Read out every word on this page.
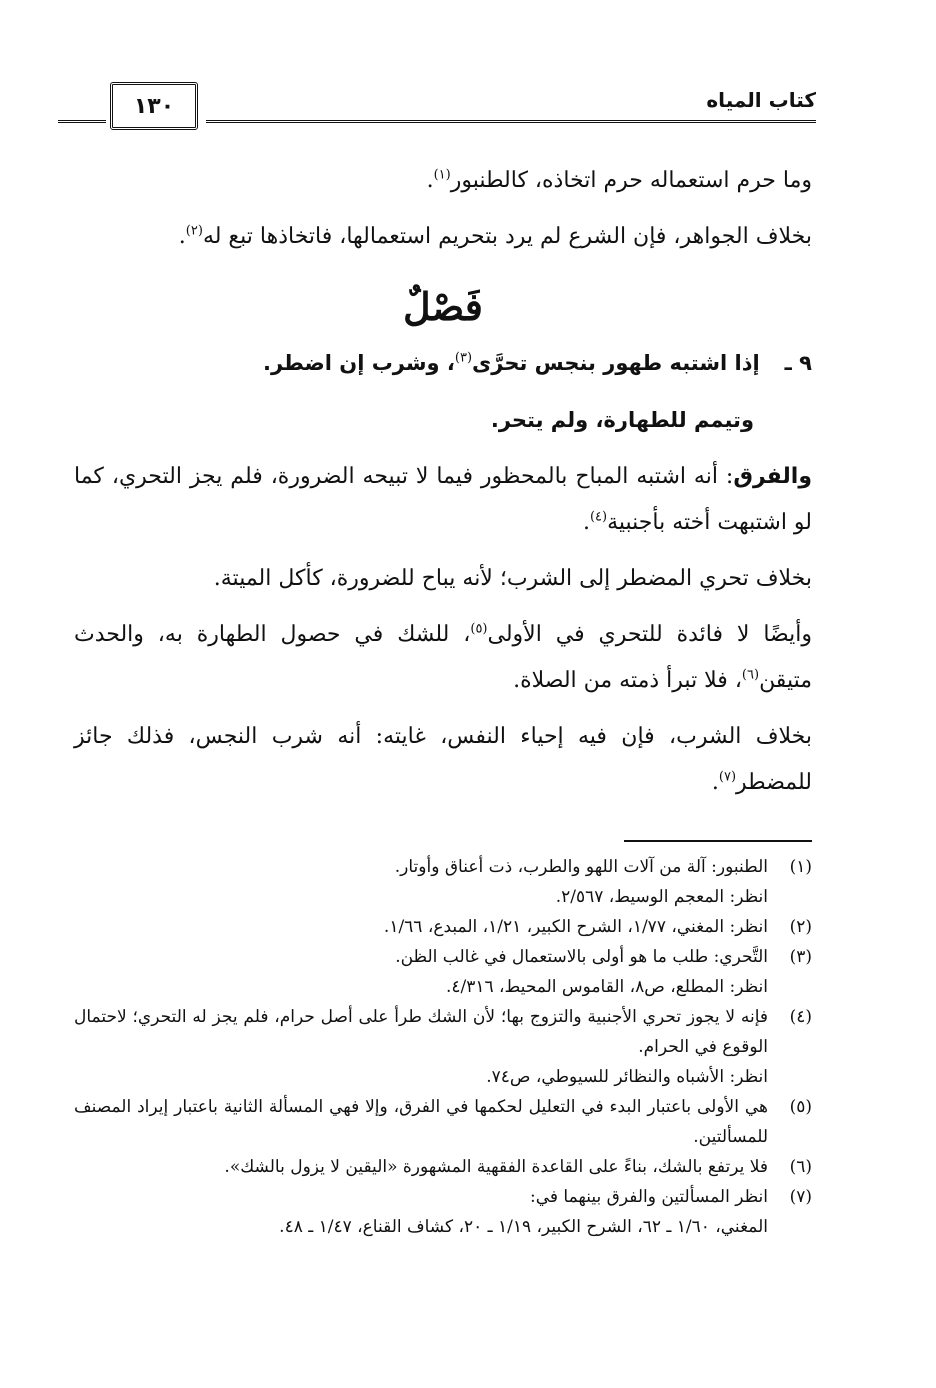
كتاب المياه
١٣٠

وما حرم استعماله حرم اتخاذه، كالطنبور$^{(١)}$.

بخلاف الجواهر، فإن الشرع لم يرد بتحريم استعمالها، فاتخاذها تبع له$^{(٢)}$.

فَصْلٌ

٩ ـ إذا اشتبه طهور بنجس تحرَّى$^{(٣)}$، وشرب إن اضطر.

وتيمم للطهارة، ولم يتحر.

والفرق: أنه اشتبه المباح بالمحظور فيما لا تبيحه الضرورة، فلم يجز التحري، كما لو اشتبهت أخته بأجنبية$^{(٤)}$.

بخلاف تحري المضطر إلى الشرب؛ لأنه يباح للضرورة، كأكل الميتة.

وأيضًا لا فائدة للتحري في الأولى$^{(٥)}$، للشك في حصول الطهارة به، والحدث متيقن$^{(٦)}$، فلا تبرأ ذمته من الصلاة.

بخلاف الشرب، فإن فيه إحياء النفس، غايته: أنه شرب النجس، فذلك جائز للمضطر$^{(٧)}$.

(١)

الطنبور: آلة من آلات اللهو والطرب، ذت أعناق وأوتار.

انظر: المعجم الوسيط، ٢/٥٦٧.

(٢)

انظر: المغني، ١/٧٧، الشرح الكبير، ١/٢١، المبدع، ١/٦٦.

(٣)

التَّحري: طلب ما هو أولى بالاستعمال في غالب الظن.

انظر: المطلع، ص٨، القاموس المحيط، ٤/٣١٦.

(٤)

فإنه لا يجوز تحري الأجنبية والتزوج بها؛ لأن الشك طرأ على أصل حرام، فلم يجز له التحري؛ لاحتمال الوقوع في الحرام.

انظر: الأشباه والنظائر للسيوطي، ص٧٤.

(٥)

هي الأولى باعتبار البدء في التعليل لحكمها في الفرق، وإلا فهي المسألة الثانية باعتبار إيراد المصنف للمسألتين.

(٦)

فلا يرتفع بالشك، بناءً على القاعدة الفقهية المشهورة «اليقين لا يزول بالشك».

(٧)

انظر المسألتين والفرق بينهما في:

المغني، ١/٦٠ ـ ٦٢، الشرح الكبير، ١/١٩ ـ ٢٠، كشاف القناع، ١/٤٧ ـ ٤٨.
